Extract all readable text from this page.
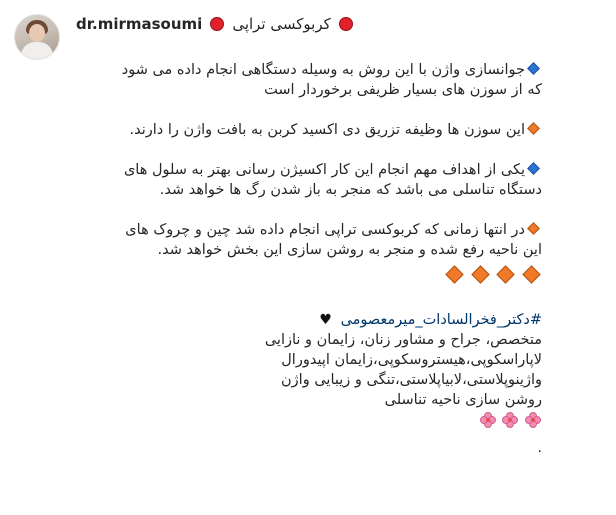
dr.mirmasoumi کربوکسی تراپی
جوانسازی واژن با این روش به وسیله دستگاهی انجام داده می شود
که از سوزن های بسیار ظریفی برخوردار است
این سوزن ها وظیفه تزریق دی اکسید کربن به بافت واژن را دارند.
یکی از اهداف مهم انجام این کار اکسیژن رسانی بهتر به سلول های
دستگاه تناسلی می باشد که منجر به باز شدن رگ ها خواهد شد.
در انتها زمانی که کربوکسی تراپی انجام داده شد چین و چروک های
این ناحیه رفع شده و منجر به روشن سازی این بخش خواهد شد.

#دکتر_فخرالسادات_میرمعصومی ♥

متخصص، جراح و مشاور زنان، زایمان و نازایی

لاپاراسکوپی،هیستروسکوپی،زایمان اپیدورال

واژینوپلاستی،لابیاپلاستی،تنگی و زیبایی واژن

روشن سازی ناحیه تناسلی

.
